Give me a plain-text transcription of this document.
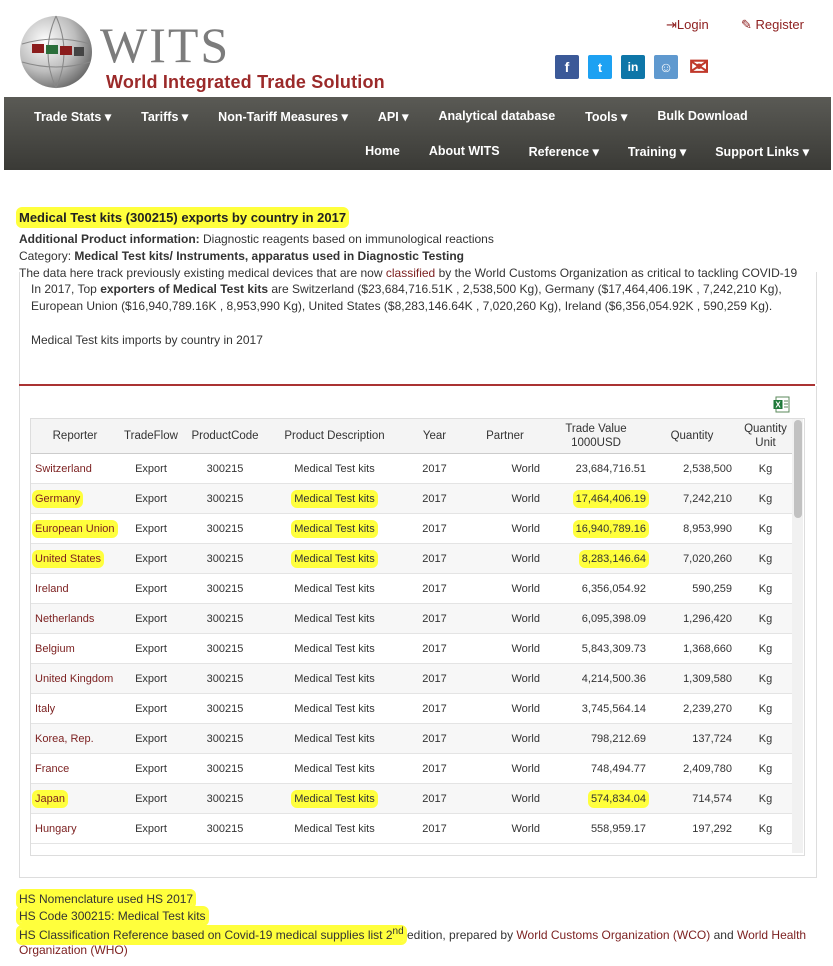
WITS
World Integrated Trade Solution
⇥Login ✎ Register
f	t	in	☺ ✉
Trade Stats ▾ Tariffs ▾ Non-Tariff Measures ▾ API ▾ Analytical database Tools ▾ Bulk Download
Home About WITS Reference ▾ Training ▾ Support Links ▾
Medical Test kits (300215) exports by country in 2017
Additional Product information: Diagnostic reagents based on immunological reactions
Category: Medical Test kits/ Instruments, apparatus used in Diagnostic Testing
The data here track previously existing medical devices that are now classified by the World Customs Organization as critical to tackling COVID-19
In 2017, Top exporters of Medical Test kits are Switzerland ($23,684,716.51K , 2,538,500 Kg), Germany ($17,464,406.19K , 7,242,210 Kg),
European Union ($16,940,789.16K , 8,953,990 Kg), United States ($8,283,146.64K , 7,020,260 Kg), Ireland ($6,356,054.92K , 590,259 Kg).
Medical Test kits imports by country in 2017
X
Reporter	TradeFlow	ProductCode	Product Description	Year	Partner	Trade Value 1000USD	Quantity	Quantity Unit
Switzerland	Export	300215	Medical Test kits	2017	World	23,684,716.51	2,538,500	Kg
Germany	Export	300215	Medical Test kits	2017	World	17,464,406.19	7,242,210	Kg
European Union	Export	300215	Medical Test kits	2017	World	16,940,789.16	8,953,990	Kg
United States	Export	300215	Medical Test kits	2017	World	8,283,146.64	7,020,260	Kg
Ireland	Export	300215	Medical Test kits	2017	World	6,356,054.92	590,259	Kg
Netherlands	Export	300215	Medical Test kits	2017	World	6,095,398.09	1,296,420	Kg
Belgium	Export	300215	Medical Test kits	2017	World	5,843,309.73	1,368,660	Kg
United Kingdom	Export	300215	Medical Test kits	2017	World	4,214,500.36	1,309,580	Kg
Italy	Export	300215	Medical Test kits	2017	World	3,745,564.14	2,239,270	Kg
Korea, Rep.	Export	300215	Medical Test kits	2017	World	798,212.69	137,724	Kg
France	Export	300215	Medical Test kits	2017	World	748,494.77	2,409,780	Kg
Japan	Export	300215	Medical Test kits	2017	World	574,834.04	714,574	Kg
Hungary	Export	300215	Medical Test kits	2017	World	558,959.17	197,292	Kg
HS Nomenclature used HS 2017
HS Code 300215: Medical Test kits
HS Classification Reference based on Covid-19 medical supplies list 2nd edition, prepared by World Customs Organization (WCO) and World Health
Organization (WHO)
